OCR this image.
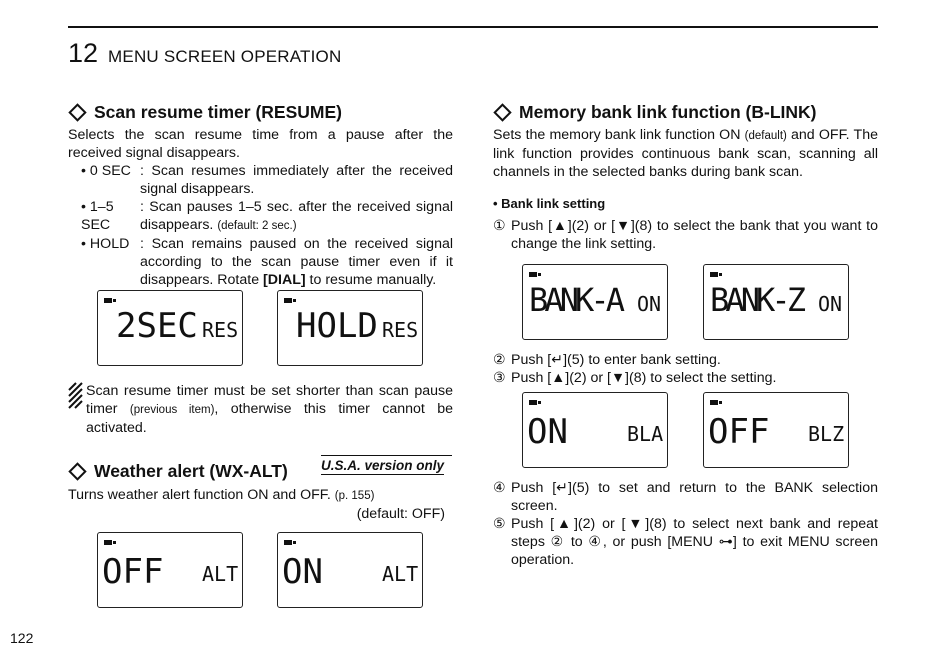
12 MENU SCREEN OPERATION
Scan resume timer (RESUME)

Selects the scan resume time from a pause after the received signal disappears.

• 0 SEC : Scan resumes immediately after the received signal disappears.
• 1–5 SEC
: Scan pauses 1–5 sec. after the received signal disappears. (default: 2 sec.)
• HOLD : Scan remains paused on the received signal according to the scan pause timer even if it disappears. Rotate [DIAL] to resume manually.
2SEC RES HOLD RES
Scan resume timer must be set shorter than scan pause timer (previous item), otherwise this timer cannot be activated.
U.S.A. version only
Weather alert (WX-ALT)

Turns weather alert function ON and OFF. (p. 155)

(default: OFF)

OFF ALT ON	ALT
Memory bank link function (B-LINK)

Sets the memory bank link function ON (default) and OFF. The link function provides continuous bank scan, scanning all channels in the selected banks during bank scan.

• Bank link setting

① Push [▲](2) or [▼](8) to select the bank that you want to change the link setting.
BANK-A ON BANK-Z ON
② Push [↵](5) to enter bank setting.
③ Push [▲](2) or [▼](8) to select the setting.
ON	BLA OFF BLZ
④ Push [↵](5) to set and return to the BANK selection screen.
⑤ Push [▲](2) or [▼](8) to select next bank and repeat steps ② to ④, or push [MENU ⊶] to exit MENU screen operation.
122
